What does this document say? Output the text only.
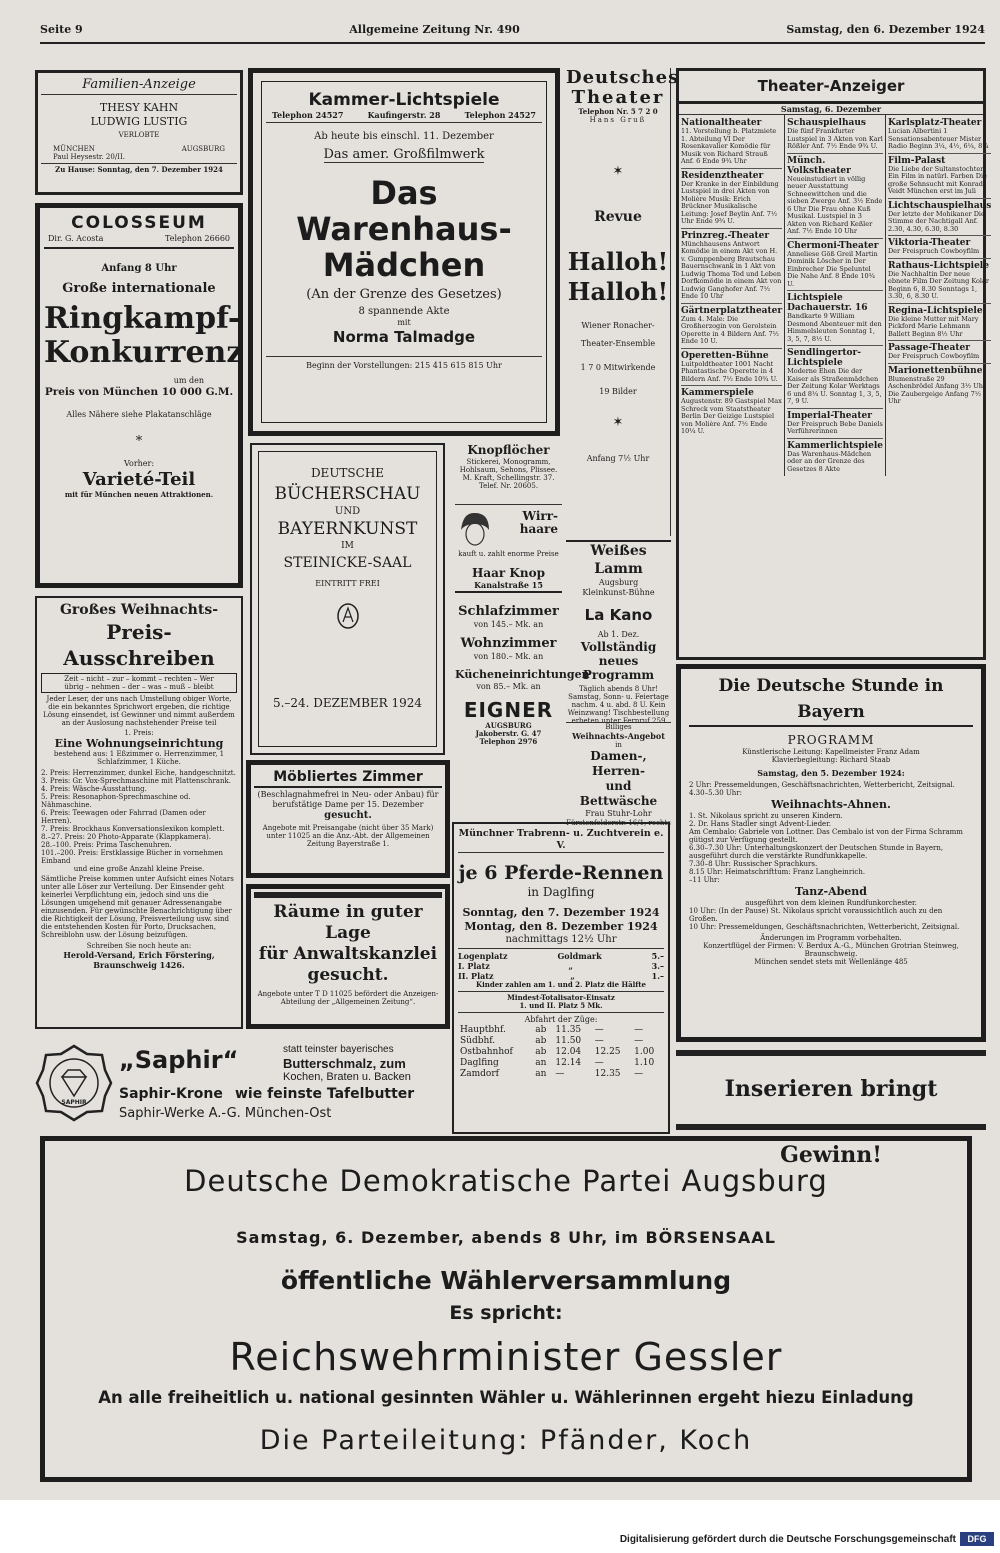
Seite 9	Allgemeine Zeitung Nr. 490	Samstag, den 6. Dezember 1924
Familien-Anzeige
THESY KAHN
LUDWIG LUSTIG
VERLOBTE
MÜNCHEN	AUGSBURG
Paul Heysestr. 20/II.
Zu Hause: Sonntag, den 7. Dezember 1924
COLOSSEUM
Dir. G. Acosta	Telephon 26660
Anfang 8 Uhr
Große internationale
Ringkampf-
Konkurrenz
um den
Preis von München 10 000 G.M.
Alles Nähere siehe Plakatanschläge
*
Vorher:
Varieté-Teil
mit für München neuen Attraktionen.
Großes Weihnachts-
Preis-Ausschreiben
Zeit – nicht – zur – kommt – rechten – Wer
übrig – nehmen – der – was – muß – bleibt
Jeder Leser, der uns nach Umstellung obiger Worte, die ein bekanntes Sprichwort ergeben, die richtige Lösung einsendet, ist Gewinner und nimmt außerdem an der Auslosung nachstehender Preise teil
1. Preis:
Eine Wohnungseinrichtung
bestehend aus: 1 Eßzimmer o. Herrenzimmer, 1 Schlafzimmer, 1 Küche.
2. Preis: Herrenzimmer, dunkel Eiche, handgeschnitzt.
3. Preis: Gr. Vox-Sprechmaschine mit Plattenschrank.
4. Preis: Wäsche-Ausstattung.
5. Preis: Resonaphon-Sprechmaschine od. Nähmaschine.
6. Preis: Teewagen oder Fahrrad (Damen oder Herren).
7. Preis: Brockhaus Konversationslexikon komplett.
8.–27. Preis: 20 Photo-Apparate (Klappkamera).
28.–100. Preis: Prima Taschenuhren.
101.–200. Preis: Erstklassige Bücher in vornehmen Einband
und eine große Anzahl kleine Preise.
Sämtliche Preise kommen unter Aufsicht eines Notars unter alle Löser zur Verteilung. Der Einsender geht keinerlei Verpflichtung ein, jedoch sind uns die Lösungen umgehend mit genauer Adressenangabe einzusenden. Für gewünschte Benachrichtigung über die Richtigkeit der Lösung, Preisverteilung usw. sind die entstehenden Kosten für Porto, Drucksachen, Schreiblohn usw. der Lösung beizufügen.
Schreiben Sie noch heute an:
Herold-Versand, Erich Förstering, Braunschweig 1426.
Kammer-Lichtspiele
Telephon 24527	Kaufingerstr. 28	Telephon 24527
Ab heute bis einschl. 11. Dezember
Das amer. Großfilmwerk
Das
Warenhaus-
Mädchen
(An der Grenze des Gesetzes)
8 spannende Akte
mit
Norma Talmadge
Beginn der Vorstellungen: 215 415 615 815 Uhr
DEUTSCHE
BÜCHERSCHAU
UND
BAYERNKUNST
IM
STEINICKE-SAAL
EINTRITT FREI
5.–24. DEZEMBER 1924
Möbliertes Zimmer
(Beschlagnahmefrei in Neu- oder Anbau) für berufstätige Dame per 15. Dezember
gesucht.
Angebote mit Preisangabe (nicht über 35 Mark) unter 11025 an die Anz.-Abt. der Allgemeinen Zeitung Bayerstraße 1.
Räume in guter Lage
für Anwaltskanzlei
gesucht.
Angebote unter T D 11025 befördert die Anzeigen-Abteilung der „Allgemeinen Zeitung“.
Deutsches
Theater
Telephon Nr. 5 7 2 0
Hans Gruß
✶
Revue
Halloh!
Halloh!
Wiener Ronacher-
Theater-Ensemble
1 7 0 Mitwirkende
19 Bilder
✶
Anfang 7½ Uhr
Knopflöcher
Stickerei, Monogramm, Hohlsaum, Sehons, Plissee. M. Kraft, Schellingstr. 37. Telef. Nr. 20605.
Wirr-
haare
kauft u. zahlt enorme Preise
Haar Knop
Kanalstraße 15
Schlafzimmer
von 145.– Mk. an
Wohnzimmer
von 180.– Mk. an
Kücheneinrichtungen
von 85.– Mk. an
EIGNER
AUGSBURG
Jakoberstr. G. 47
Telephon 2976
Weißes Lamm
Augsburg
Kleinkunst-Bühne
La Kano
Ab 1. Dez.
Vollständig
neues Programm
Täglich abends 8 Uhr! Samstag, Sonn- u. Feiertage nachm. 4 u. abd. 8 U. Kein Weinzwang! Tischbestellung erbeten unter Fernruf 259
Billiges
Weihnachts-Angebot
in
Damen-, Herren-
und Bettwäsche
Frau Stuhr-Lohr
Fürstenfelderstr. 16/1, rechts
Münchner Trabrenn- u. Zuchtverein e. V.
je 6 Pferde-Rennen
in Daglfing
Sonntag, den 7. Dezember 1924
Montag, den 8. Dezember 1924
nachmittags 12½ Uhr
Logenplatz	Goldmark	5.–
I. Platz	„	3.–
II. Platz	„	1.–
Kinder zahlen am 1. und 2. Platz die Hälfte
Mindest-Totalisator-Einsatz
1. und II. Platz 5 Mk.
Abfahrt der Züge:
Hauptbhf.	ab	11.35	—	—
Südbhf.	ab	11.50	—	—
Ostbahnhof	ab	12.04	12.25	1.00
Daglfing	an	12.14	—	1.10
Zamdorf	an	—	12.35	—
Theater-Anzeiger
Samstag, 6. Dezember
Nationaltheater
11. Vorstellung b. Platzmiete 1. Abteilung VI Der Rosenkavalier Komödie für Musik von Richard Strauß Anf. 6 Ende 9¾ Uhr
Residenztheater
Der Kranke in der Einbildung Lustspiel in drei Akten von Molière Musik: Erich Brückner Musikalische Leitung: Josef Beylin Anf. 7½ Uhr Ende 9¾ U.
Prinzreg.-Theater
Münchhausens Antwort Komödie in einem Akt von H. v. Gumppenberg Brautschau Bauernschwank in 1 Akt von Ludwig Thoma Tod und Leben Dorfkomödie in einem Akt von Ludwig Ganghofer Anf. 7½ Ende 10 Uhr
Gärtnerplatztheater
Zum 4. Male: Die Großherzogin von Gerolstein Operette in 4 Bildern Anf. 7½ Ende 10 U.
Operetten-Bühne
Luitpoldtheater 1001 Nacht Phantastische Operette in 4 Bildern Anf. 7½ Ende 10¾ U.
Kammerspiele
Augustenstr. 89 Gastspiel Max Schreck vom Staatstheater Berlin Der Geizige Lustspiel von Molière Anf. 7½ Ende 10¼ U.
Schauspielhaus
Die fünf Frankfurter Lustspiel in 3 Akten von Karl Rößler Anf. 7½ Ende 9¾ U.
Münch. Volkstheater
Neueinstudiert in völlig neuer Ausstattung Schneewittchen und die sieben Zwerge Anf. 3½ Ende 6 Uhr Die Frau ohne Kuß Musikal. Lustspiel in 3 Akten von Richard Keßler Anf. 7½ Ende 10 Uhr
Chermoni-Theater
Anneliese Göß Greil Martin Dominik Löscher in Der Einbrecher Die Speluntel Die Nahe Anf. 8 Ende 10¾ U.
Lichtspiele Dachauerstr. 16
Bandkarte 9 William Desmond Abenteuer mit den Himmelsleuten Sonntag 1, 3, 5, 7, 8½ U.
Sendlingertor-Lichtspiele
Moderne Ehen Die der Kaiser als Straßenmädchen Der Zeitung Kolar Werktags 6 und 8¼ U. Sonntag 1, 3, 5, 7, 9 U.
Imperial-Theater
Der Freispruch Bebe Daniels Verführerinnen
Kammerlichtspiele
Das Warenhaus-Mädchen oder an der Grenze des Gesetzes 8 Akte
Karlsplatz-Theater
Lucian Albertini 1 Sensationsabenteuer Mister Radio Beginn 3¼, 4½, 6¼, 8¼
Film-Palast
Die Liebe der Sultanstochter Ein Film in natürl. Farben Die große Sehnsucht mit Konrad Veidt München erst im Juli
Lichtschauspielhaus
Der letzte der Mohikaner Die Stimme der Nachtigall Anf. 2.30, 4.30, 6.30, 8.30
Viktoria-Theater
Der Freispruch Cowboyfilm
Rathaus-Lichtspiele
Die Nachhaltin Der neue ebnete Film Der Zeitung Kolar Beginn 6, 8.30 Sonntags 1, 3.30, 6, 8.30 U.
Regina-Lichtspiele
Die kleine Mutter mit Mary Pickford Marie Lehmann Ballett Beginn 8½ Uhr
Passage-Theater
Der Freispruch Cowboyfilm
Marionettenbühne
Blumenstraße 29 Aschenbrödel Anfang 3½ Uhr Die Zaubergeige Anfang 7½ Uhr
Die Deutsche Stunde in Bayern
PROGRAMM
Künstlerische Leitung: Kapellmeister Franz Adam
Klavierbegleitung: Richard Staab
Samstag, den 5. Dezember 1924:
2 Uhr: Pressemeldungen, Geschäftsnachrichten, Wetterbericht, Zeitsignal.
4.30–5.30 Uhr:
Weihnachts-Ahnen.
1. St. Nikolaus spricht zu unseren Kindern.
2. Dr. Hans Stadler singt Advent-Lieder.
Am Cembalo: Gabriele von Lottner. Das Cembalo ist von der Firma Schramm gütigst zur Verfügung gestellt.
6.30–7.30 Uhr: Unterhaltungskonzert der Deutschen Stunde in Bayern, ausgeführt durch die verstärkte Rundfunkkapelle.
7.30–8 Uhr: Russischer Sprachkurs.
8.15 Uhr: Heimatschrifttum: Franz Langheinrich.
–11 Uhr:
Tanz-Abend
ausgeführt von dem kleinen Rundfunkorchester.
10 Uhr: (In der Pause) St. Nikolaus spricht voraussichtlich auch zu den Großen.
10 Uhr: Pressemeldungen, Geschäftsnachrichten, Wetterbericht, Zeitsignal.
Änderungen im Programm vorbehalten.
Konzertflügel der Firmen: V. Berdux A.-G., München Grotrian Steinweg, Braunschweig.
München sendet stets mit Wellenlänge 485
Inserieren bringt Gewinn!
SAPHIR
„Saphir“	statt teinster bayerisches
Butterschmalz, zum
Kochen, Braten u. Backen
Saphir-Krone wie feinste Tafelbutter
Saphir-Werke A.-G. München-Ost
Deutsche Demokratische Partei Augsburg
Samstag, 6. Dezember, abends 8 Uhr, im BÖRSENSAAL
öffentliche Wählerversammlung
Es spricht:
Reichswehrminister Gessler
An alle freiheitlich u. national gesinnten Wähler u. Wählerinnen ergeht hiezu Einladung
Die Parteileitung: Pfänder, Koch
Digitalisierung gefördert durch die Deutsche Forschungsgemeinschaft	DFG
